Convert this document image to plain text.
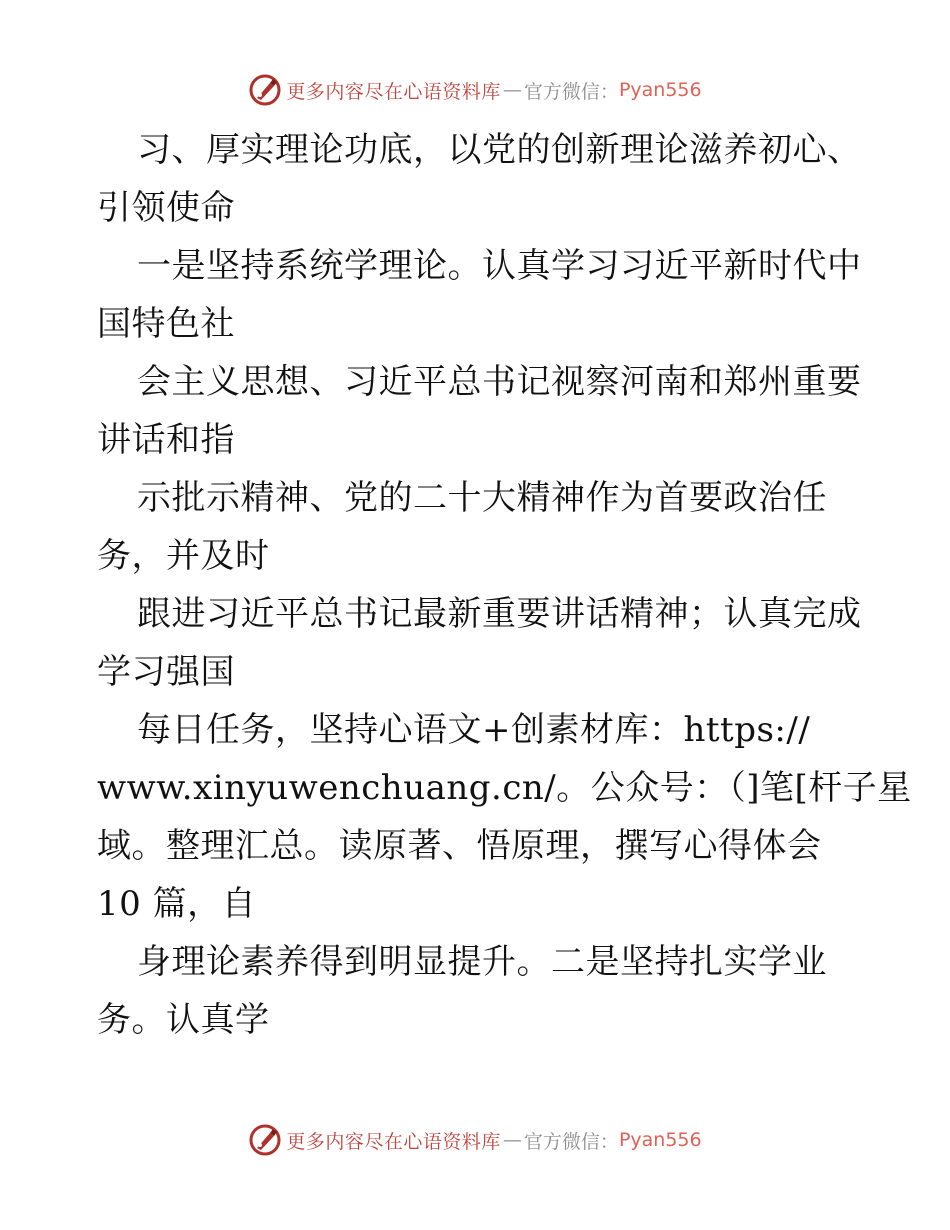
更多内容尽在心语资料库 — 官方微信： Pyan556
习、厚实理论功底，以党的创新理论滋养初心、
引领使命
一是坚持系统学理论。认真学习习近平新时代中
国特色社
会主义思想、习近平总书记视察河南和郑州重要
讲话和指
示批示精神、党的二十大精神作为首要政治任
务，并及时
跟进习近平总书记最新重要讲话精神；认真完成
学习强国
每日任务，坚持心语文+创素材库：https://
www.xinyuwenchuang.cn/。公众号：（]笔[杆子星
域。整理汇总。读原著、悟原理，撰写心得体会
10 篇，自
身理论素养得到明显提升。二是坚持扎实学业
务。认真学
更多内容尽在心语资料库 — 官方微信： Pyan556
